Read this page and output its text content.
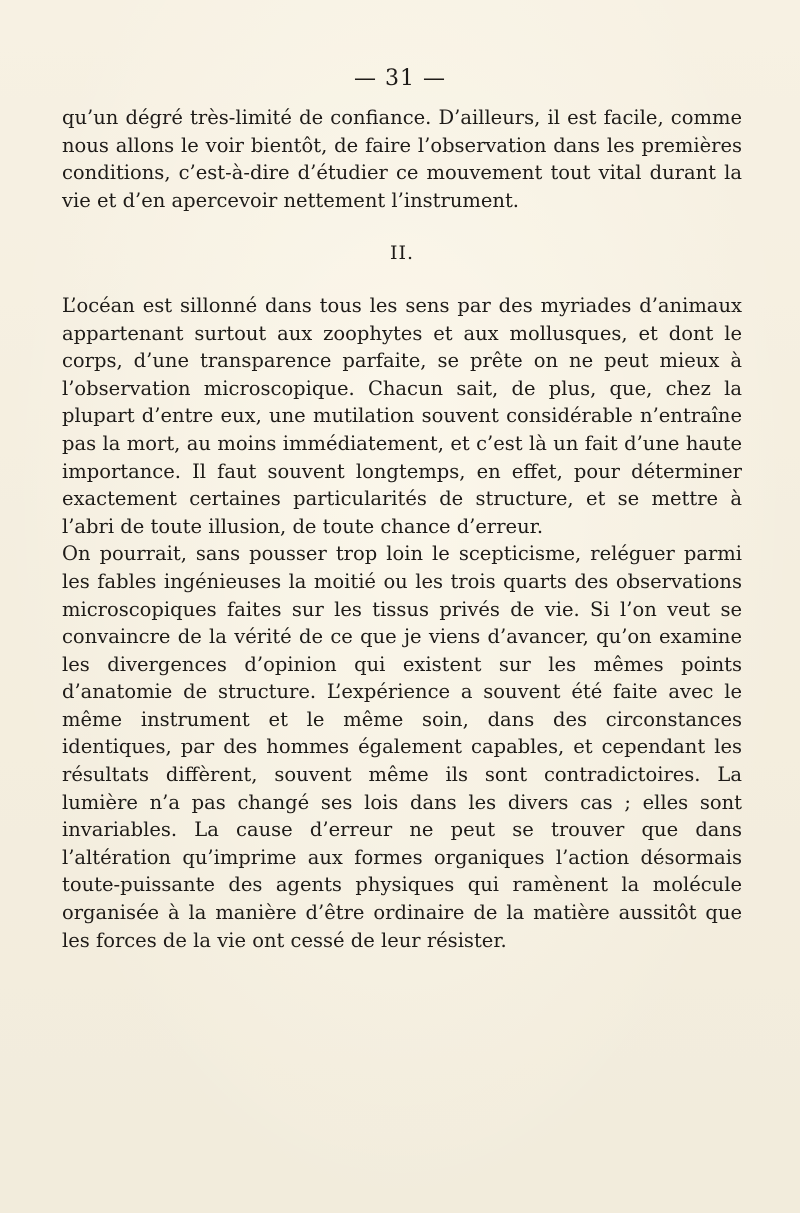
— 31 —

qu’un dégré très-limité de confiance. D’ailleurs, il est facile, comme nous allons le voir bientôt, de faire l’observation dans les premières conditions, c’est-à-dire d’étudier ce mouvement tout vital durant la vie et d’en apercevoir nettement l’instrument.

II.

L’océan est sillonné dans tous les sens par des myriades d’animaux appartenant surtout aux zoophytes et aux mollusques, et dont le corps, d’une transparence parfaite, se prête on ne peut mieux à l’observation microscopique. Chacun sait, de plus, que, chez la plupart d’entre eux, une mutilation souvent considérable n’entraîne pas la mort, au moins immédiatement, et c’est là un fait d’une haute importance. Il faut souvent longtemps, en effet, pour déterminer exactement certaines particularités de structure, et se mettre à l’abri de toute illusion, de toute chance d’erreur.

On pourrait, sans pousser trop loin le scepticisme, reléguer parmi les fables ingénieuses la moitié ou les trois quarts des observations microscopiques faites sur les tissus privés de vie. Si l’on veut se convaincre de la vérité de ce que je viens d’avancer, qu’on examine les divergences d’opinion qui existent sur les mêmes points d’anatomie de structure. L’expérience a souvent été faite avec le même instrument et le même soin, dans des circonstances identiques, par des hommes également capables, et cependant les résultats diffèrent, souvent même ils sont contradictoires. La lumière n’a pas changé ses lois dans les divers cas ; elles sont invariables. La cause d’erreur ne peut se trouver que dans l’altération qu’imprime aux formes organiques l’action désormais toute-puissante des agents physiques qui ramènent la molécule organisée à la manière d’être ordinaire de la matière aussitôt que les forces de la vie ont cessé de leur résister.
